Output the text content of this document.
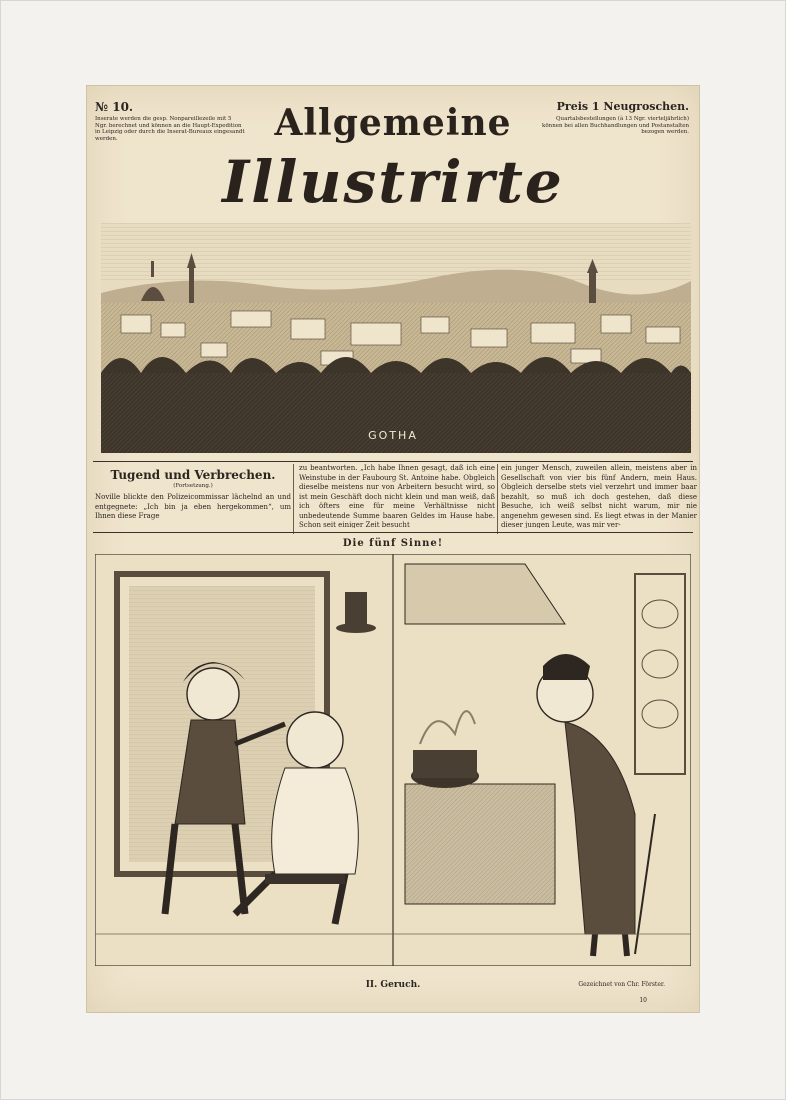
№ 10.
Inserate werden die gesp. Nonpareillezeile mit 5 Ngr. berechnet und können an die Haupt-Expedition in Leipzig oder durch die Inserat-Bureaux eingesandt werden.	Allgemeine
Illustrirte
Preis 1 Neugroschen.
Quartalsbestellungen (à 13 Ngr. vierteljährlich) können bei allen Buchhandlungen und Postanstalten bezogen werden.
GOTHA
Tugend und Verbrechen.
(Fortsetzung.)
Noville blickte den Polizeicommissar lächelnd an und entgegnete: „Ich bin ja eben hergekommen“, um Ihnen diese Frage
zu beantworten. „Ich habe Ihnen gesagt, daß ich eine Weinstube in der Faubourg St. Antoine habe. Obgleich dieselbe meistens nur von Arbeitern besucht wird, so ist mein Geschäft doch nicht klein und man weiß, daß ich öfters eine für meine Verhältnisse nicht unbedeutende Summe baaren Geldes im Hause habe. Schon seit einiger Zeit besucht
ein junger Mensch, zuweilen allein, meistens aber in Gesellschaft von vier bis fünf Andern, mein Haus. Obgleich derselbe stets viel verzehrt und immer baar bezahlt, so muß ich doch gestehen, daß diese Besuche, ich weiß selbst nicht warum, mir nie angenehm gewesen sind. Es liegt etwas in der Manier dieser jungen Leute, was mir ver-
Die fünf Sinne!
II. Geruch.	Gezeichnet von Chr. Förster.
10
